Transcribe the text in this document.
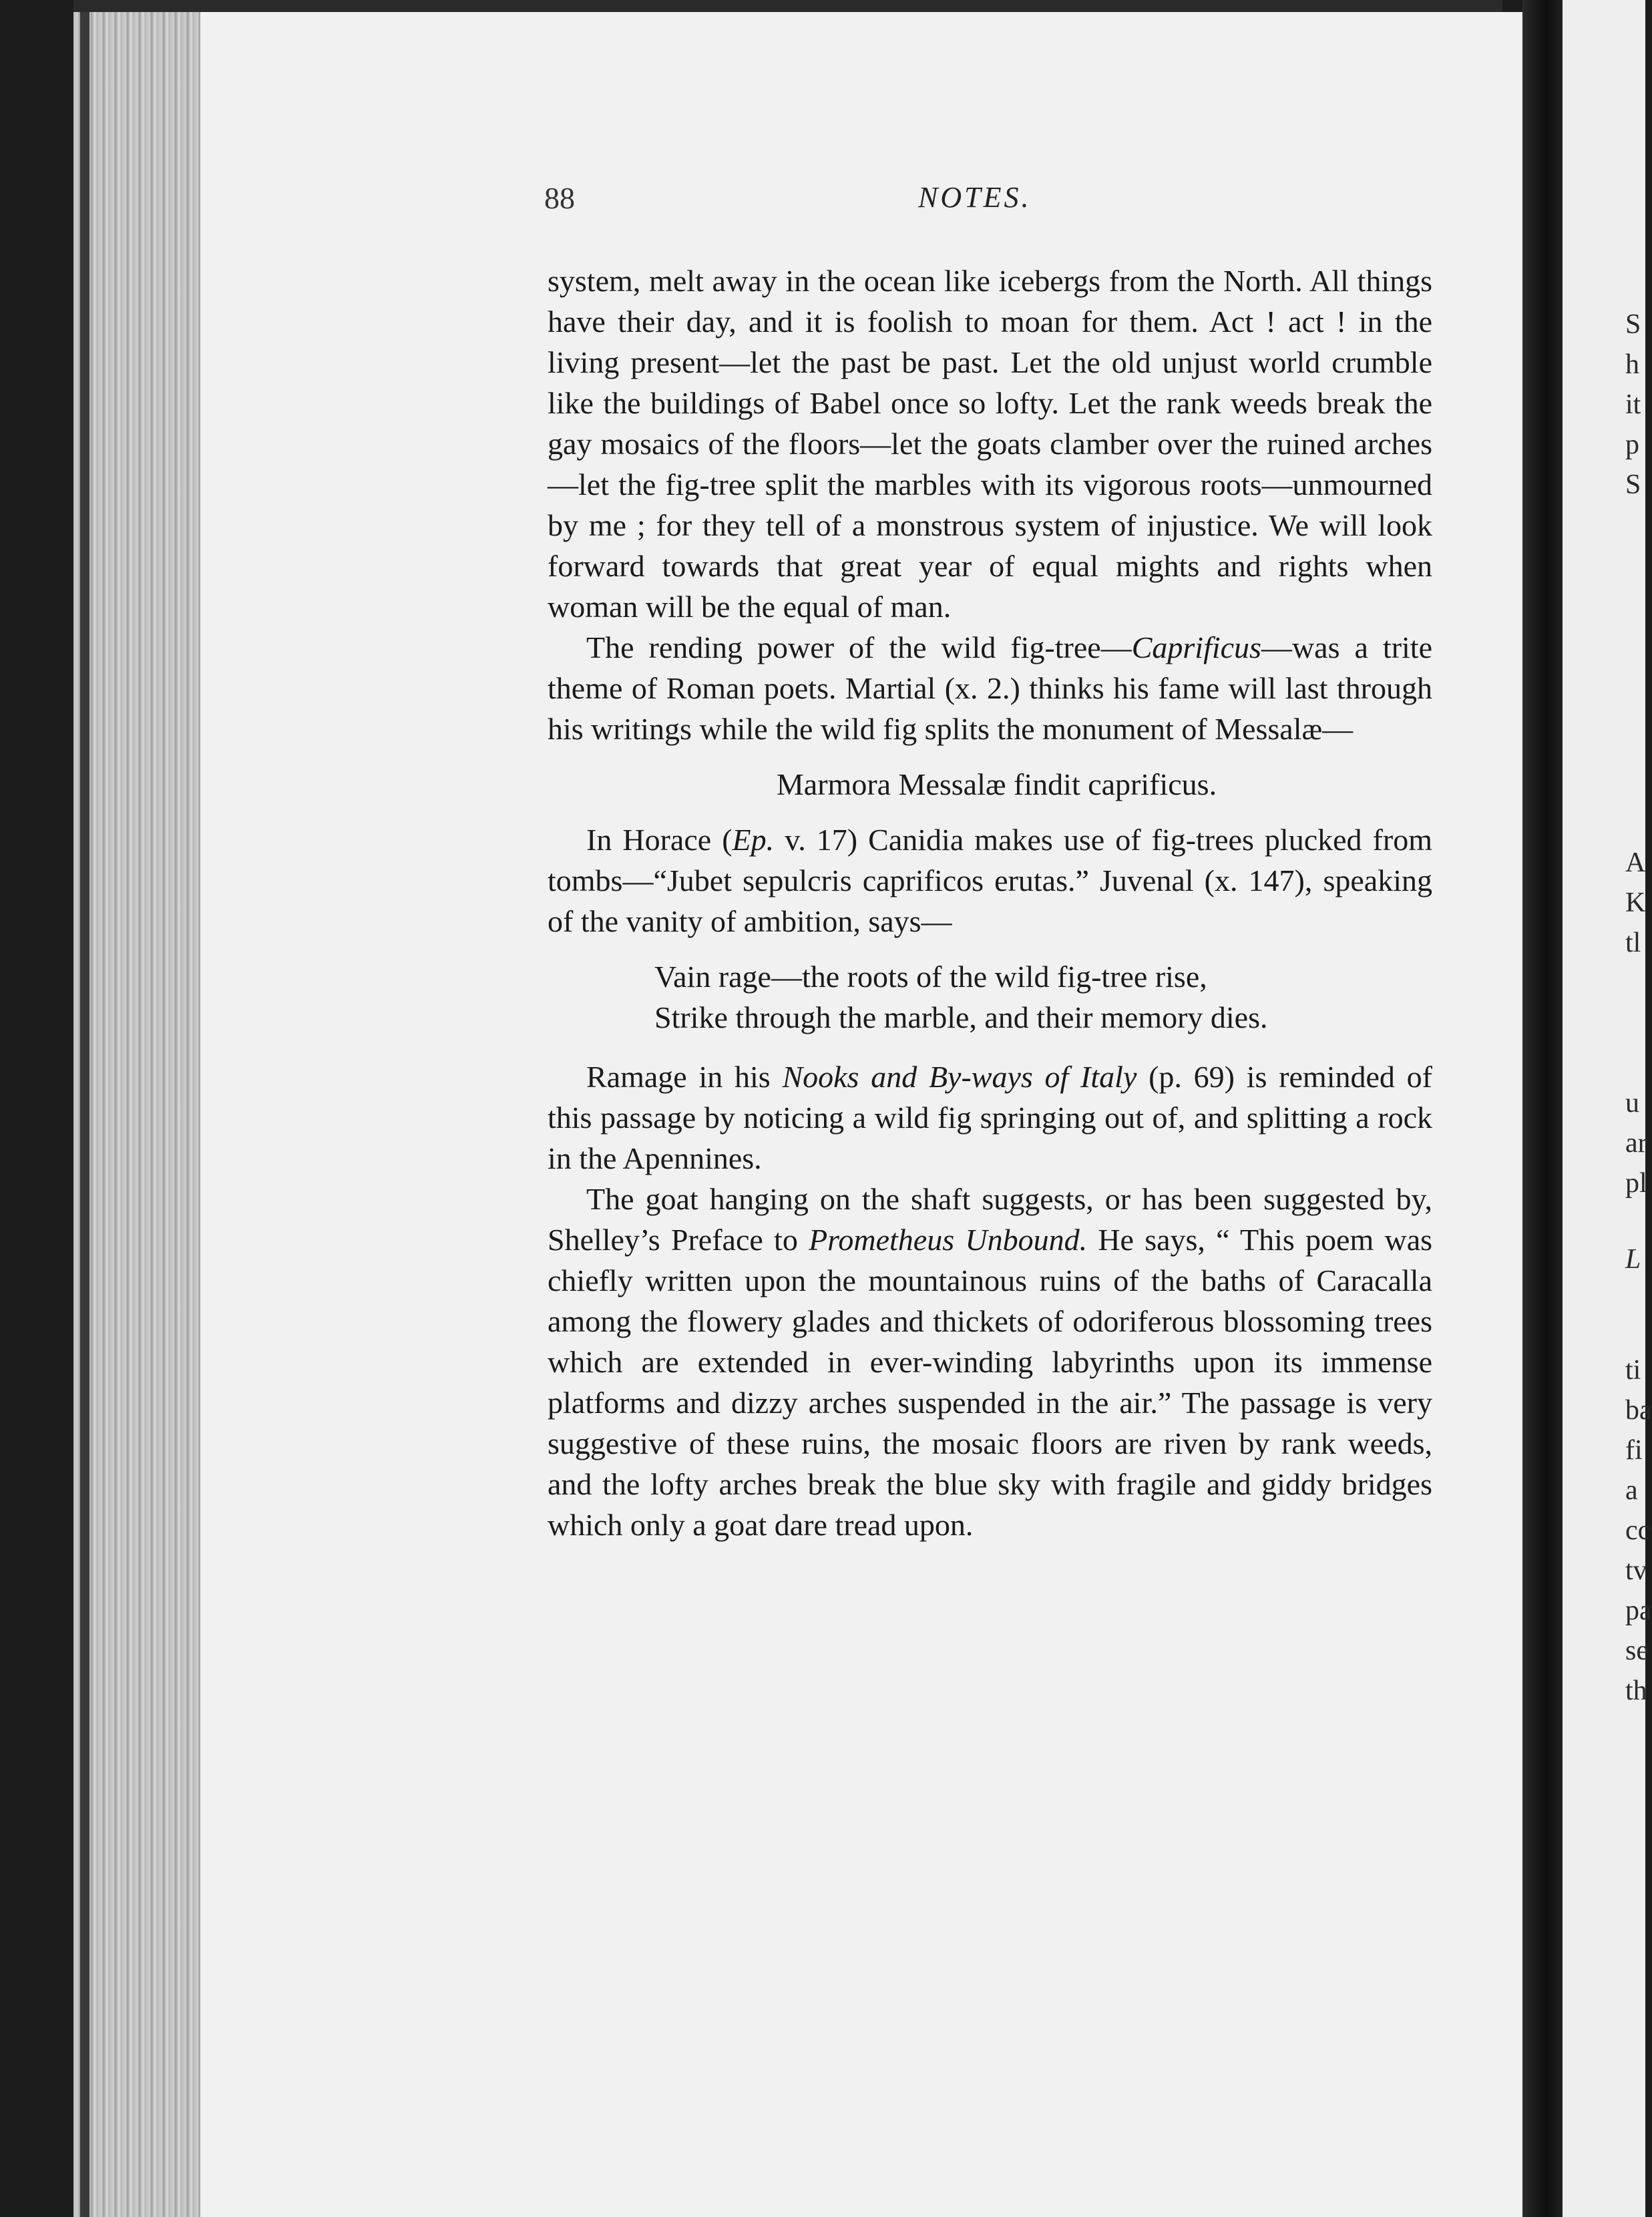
S
h
it
p
S
A
K
tl
u
ar
pl
L
ti
ba
fi
a
cc
tv
pa
se
th
88	NOTES.

system, melt away in the ocean like icebergs from the North. All things have their day, and it is foolish to moan for them. Act ! act ! in the living present—let the past be past. Let the old unjust world crumble like the buildings of Babel once so lofty. Let the rank weeds break the gay mosaics of the floors—let the goats clamber over the ruined arches—let the fig-tree split the marbles with its vigorous roots—unmourned by me ; for they tell of a monstrous system of injustice. We will look forward towards that great year of equal mights and rights when woman will be the equal of man.

The rending power of the wild fig-tree—Caprificus—was a trite theme of Roman poets. Martial (x. 2.) thinks his fame will last through his writings while the wild fig splits the monument of Messalæ—

Marmora Messalæ findit caprificus.

In Horace (Ep. v. 17) Canidia makes use of fig-trees plucked from tombs—“Jubet sepulcris caprificos erutas.” Juvenal (x. 147), speaking of the vanity of ambition, says—

Vain rage—the roots of the wild fig-tree rise,
Strike through the marble, and their memory dies.

Ramage in his Nooks and By-ways of Italy (p. 69) is reminded of this passage by noticing a wild fig springing out of, and splitting a rock in the Apennines.

The goat hanging on the shaft suggests, or has been suggested by, Shelley’s Preface to Prometheus Unbound. He says, “ This poem was chiefly written upon the mountainous ruins of the baths of Caracalla among the flowery glades and thickets of odoriferous blossoming trees which are extended in ever-winding labyrinths upon its immense platforms and dizzy arches suspended in the air.” The passage is very suggestive of these ruins, the mosaic floors are riven by rank weeds, and the lofty arches break the blue sky with fragile and giddy bridges which only a goat dare tread upon.
